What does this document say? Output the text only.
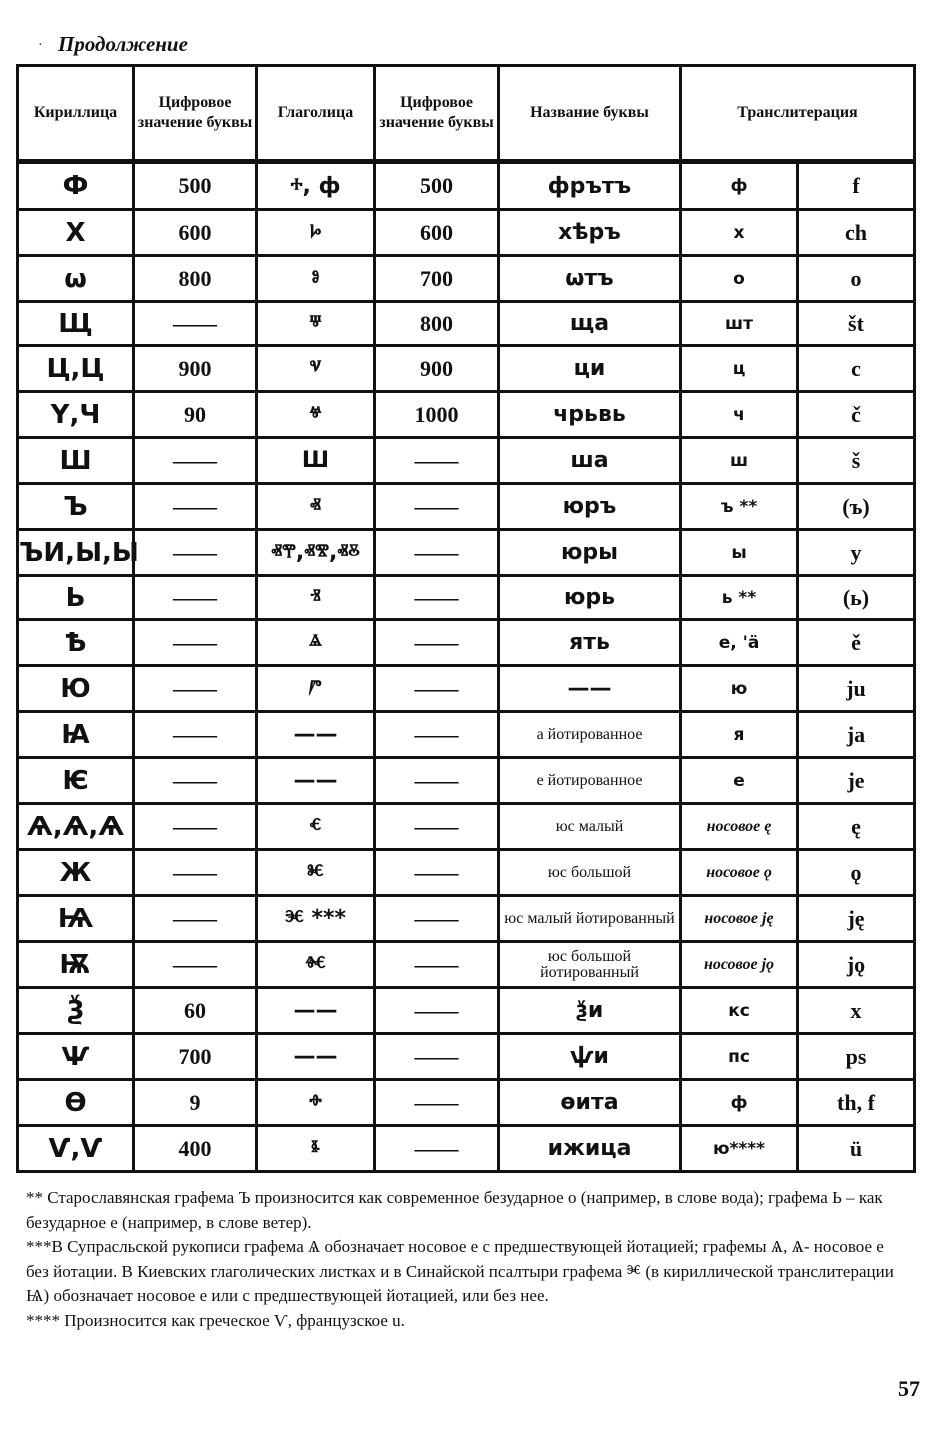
Продолжение
·
Кириллица	Цифровое значение буквы	Глаголица	Цифровое значение буквы	Название буквы	Транслитерация	
Ф	500	ⰰ, ф	500	фрътъ	ф	f
Х	600	ⱈ	600	хѣръ	х	ch
ω	800	ⱁ	700	ωтъ	о	o
Щ	——	ⱋ	800	ща	шт	št
Ц,Ц	900	ⱌ	900	ци	ц	c
Ү,Ч	90	ⱍ	1000	чрьвь	ч	č
Ш	——	Ш	——	ша	ш	š
Ъ	——	ⱏ	——	юръ	ъ **	(ъ)
ЪИ,Ы,Ы	——	ⱏⰹ,ⱏⰺ,ⱏⰻ	——	юры	ы	y
Ь	——	ⱐ	——	юрь	ь **	(ь)
Ѣ	——	ⱑ	——	ять	е, 'ä	ě
Ю	——	ⱓ	——	——	ю	ju
Ꙗ	——	——	——	а йотированное	я	ja
Ѥ	——	——	——	е йотированное	е	je
Ѧ,Ѧ,Ѧ	——	ⱔ	——	юс малый	носовое ę	ę
Ж	——	ⱘ	——	юс большой	носовое ǫ	ǫ
Ѩ	——	ⱗ ***	——	юс малый йотированный	носовое ję	ję
Ѭ	——	ⱙ	——	юс большой йотированный	носовое jǫ	jǫ
Ѯ	60	——	——	ѯи	кс	x
Ѱ	700	——	——	ѱи	пс	ps
Ѳ	9	ⱚ	——	ѳита	ф	th, f
Ѵ,Ѵ	400	ⱛ	——	ижица	ю****	ü

** Старославянская графема Ъ произносится как современное безударное о (например, в слове вода); графема Ь – как безударное е (например, в слове ветер).

***В Супрасльской рукописи графема Ѧ обозначает носовое е с предшествующей йотацией; графемы Ѧ, Ѧ- носовое е без йотации. В Киевских глаголических листках и в Синайской псалтыри графема ⱗ (в кириллической транслитерации Ѩ) обозначает носовое е или с предшествующей йотацией, или без нее.

**** Произносится как греческое Ѵ, французское u.

57
